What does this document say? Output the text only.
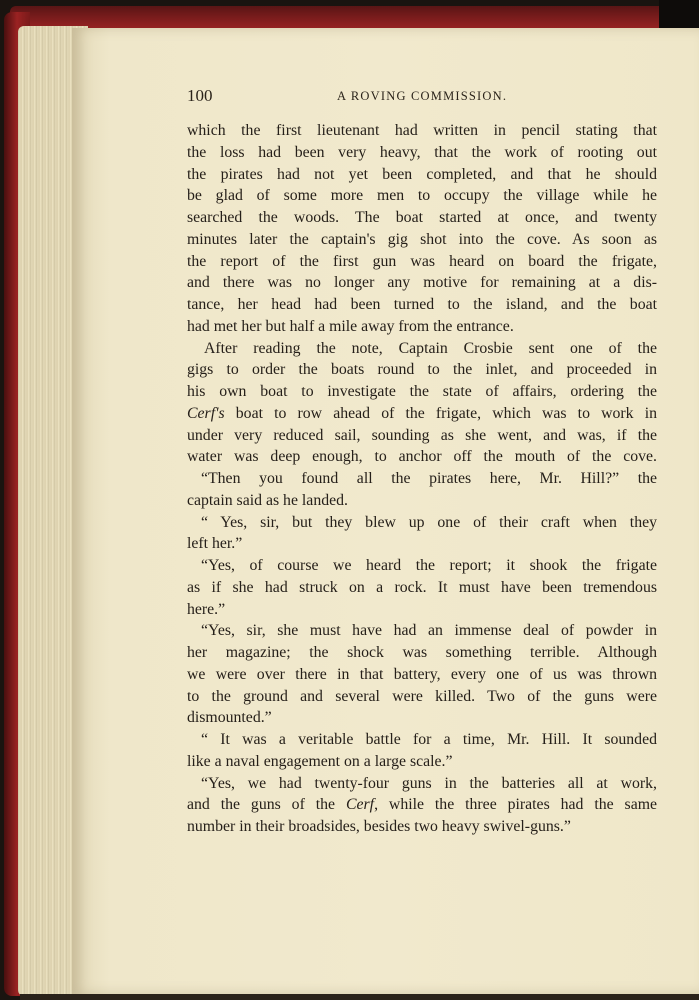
100	A ROVING COMMISSION.
which the first lieutenant had written in pencil stating that
the loss had been very heavy, that the work of rooting out
the pirates had not yet been completed, and that he should
be glad of some more men to occupy the village while he
searched the woods. The boat started at once, and twenty
minutes later the captain's gig shot into the cove. As soon as
the report of the first gun was heard on board the frigate,
and there was no longer any motive for remaining at a dis-
tance, her head had been turned to the island, and the boat
had met her but half a mile away from the entrance.
After reading the note, Captain Crosbie sent one of the
gigs to order the boats round to the inlet, and proceeded in
his own boat to investigate the state of affairs, ordering the
Cerf's boat to row ahead of the frigate, which was to work in
under very reduced sail, sounding as she went, and was, if the
water was deep enough, to anchor off the mouth of the cove.
“Then you found all the pirates here, Mr. Hill?” the
captain said as he landed.
“ Yes, sir, but they blew up one of their craft when they
left her.”
“Yes, of course we heard the report; it shook the frigate
as if she had struck on a rock. It must have been tremendous
here.”
“Yes, sir, she must have had an immense deal of powder in
her magazine; the shock was something terrible. Although
we were over there in that battery, every one of us was thrown
to the ground and several were killed. Two of the guns were
dismounted.”
“ It was a veritable battle for a time, Mr. Hill. It sounded
like a naval engagement on a large scale.”
“Yes, we had twenty-four guns in the batteries all at work,
and the guns of the Cerf, while the three pirates had the same
number in their broadsides, besides two heavy swivel-guns.”
